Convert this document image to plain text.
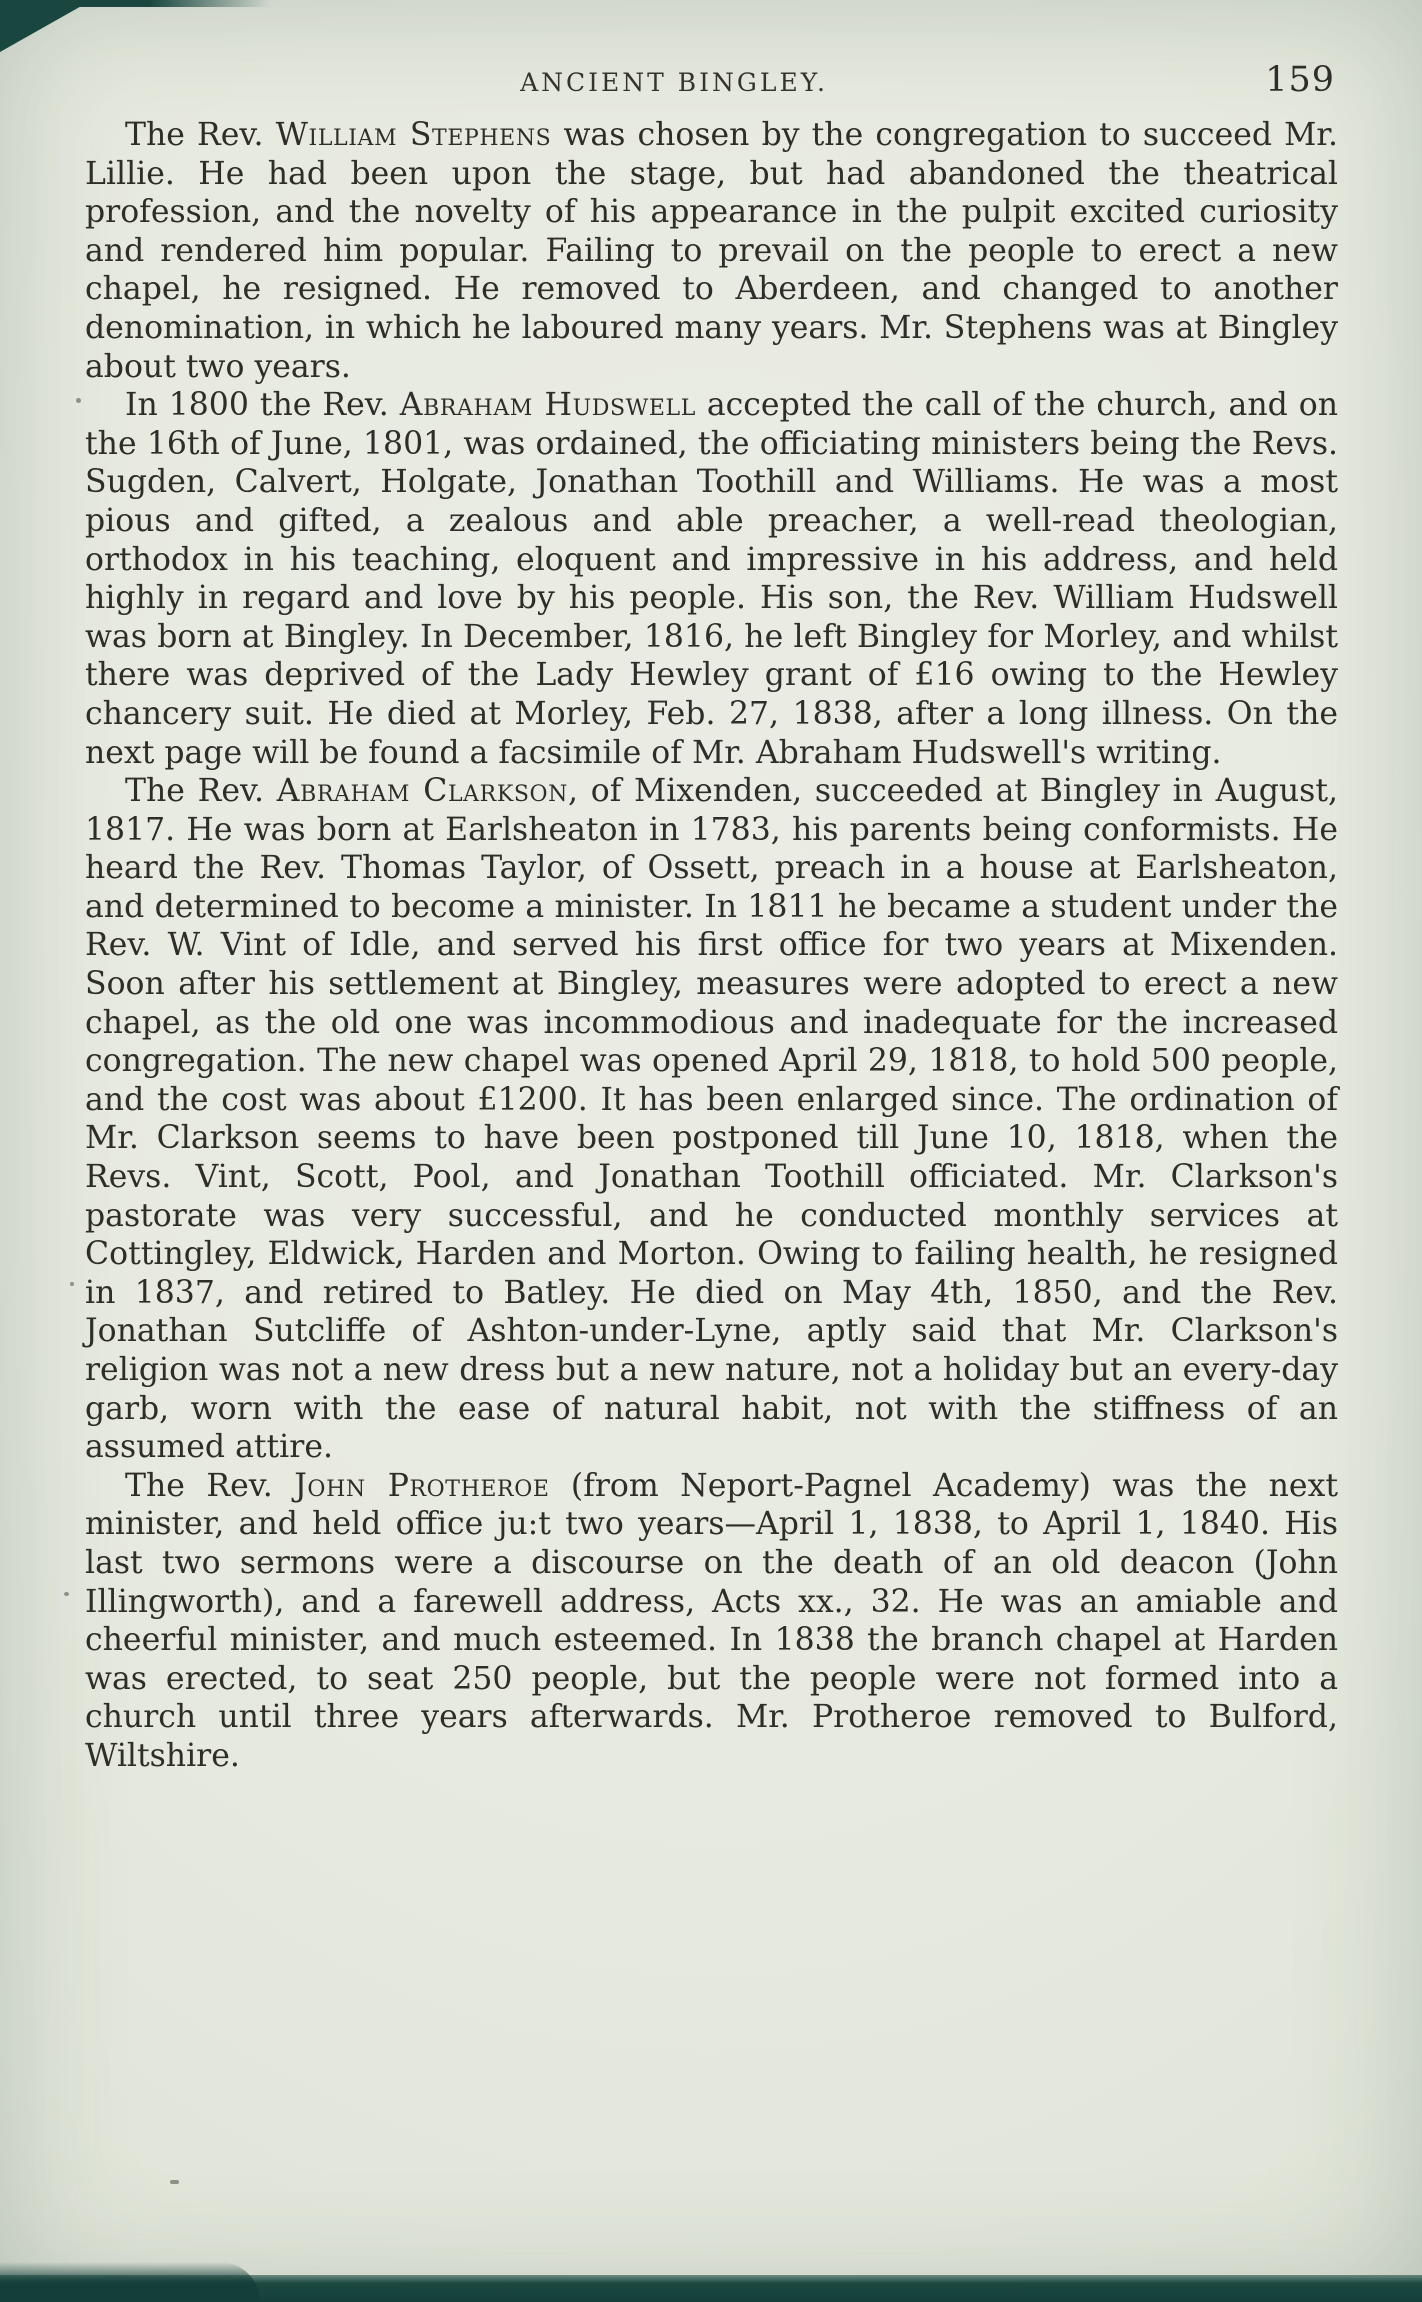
ANCIENT BINGLEY.	159

The Rev. William Stephens was chosen by the congregation to succeed Mr. Lillie. He had been upon the stage, but had abandoned the theatrical profession, and the novelty of his appearance in the pulpit excited curiosity and rendered him popular. Failing to prevail on the people to erect a new chapel, he resigned. He removed to Aberdeen, and changed to another denomination, in which he laboured many years. Mr. Stephens was at Bingley about two years.

In 1800 the Rev. Abraham Hudswell accepted the call of the church, and on the 16th of June, 1801, was ordained, the officiating ministers being the Revs. Sugden, Calvert, Holgate, Jonathan Toothill and Williams. He was a most pious and gifted, a zealous and able preacher, a well-read theologian, orthodox in his teaching, eloquent and impressive in his address, and held highly in regard and love by his people. His son, the Rev. William Hudswell was born at Bingley. In December, 1816, he left Bingley for Morley, and whilst there was deprived of the Lady Hewley grant of £16 owing to the Hewley chancery suit. He died at Morley, Feb. 27, 1838, after a long illness. On the next page will be found a facsimile of Mr. Abraham Hudswell's writing.

The Rev. Abraham Clarkson, of Mixenden, succeeded at Bingley in August, 1817. He was born at Earlsheaton in 1783, his parents being conformists. He heard the Rev. Thomas Taylor, of Ossett, preach in a house at Earlsheaton, and determined to become a minister. In 1811 he became a student under the Rev. W. Vint of Idle, and served his first office for two years at Mixenden. Soon after his settlement at Bingley, measures were adopted to erect a new chapel, as the old one was incommodious and inadequate for the increased congregation. The new chapel was opened April 29, 1818, to hold 500 people, and the cost was about £1200. It has been enlarged since. The ordination of Mr. Clarkson seems to have been postponed till June 10, 1818, when the Revs. Vint, Scott, Pool, and Jonathan Toothill officiated. Mr. Clarkson's pastorate was very successful, and he conducted monthly services at Cottingley, Eldwick, Harden and Morton. Owing to failing health, he resigned in 1837, and retired to Batley. He died on May 4th, 1850, and the Rev. Jonathan Sutcliffe of Ashton-under-Lyne, aptly said that Mr. Clarkson's religion was not a new dress but a new nature, not a holiday but an every-day garb, worn with the ease of natural habit, not with the stiffness of an assumed attire.

The Rev. John Protheroe (from Neport-Pagnel Academy) was the next minister, and held office ju:t two years—April 1, 1838, to April 1, 1840. His last two sermons were a discourse on the death of an old deacon (John Illingworth), and a farewell address, Acts xx., 32. He was an amiable and cheerful minister, and much esteemed. In 1838 the branch chapel at Harden was erected, to seat 250 people, but the people were not formed into a church until three years afterwards. Mr. Protheroe removed to Bulford, Wiltshire.
